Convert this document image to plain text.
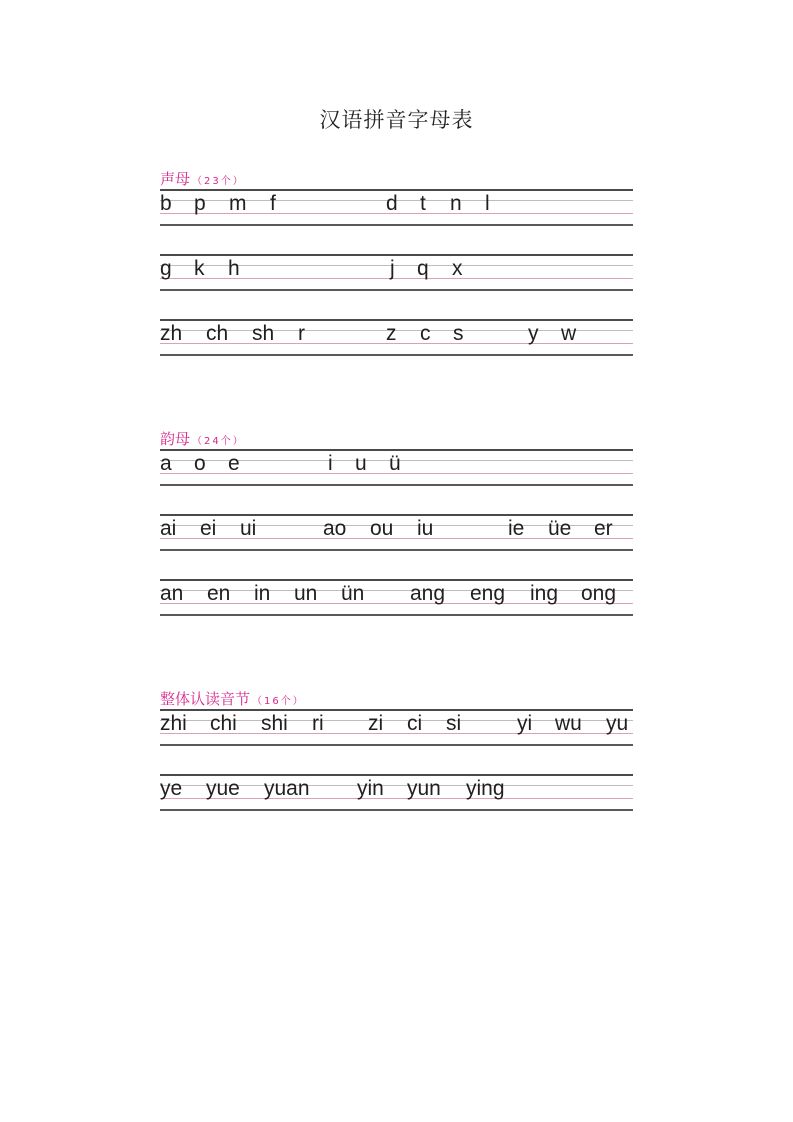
汉语拼音字母表
声母 （23个）
b p m f	d t n l
g k h	j q x
zh ch sh r	z c s	y w
韵母 （24个）
a o e	i u ü
ai ei ui	ao ou iu	ie üe er
an en in un ün ang eng ing ong
整体认读音节 （16个）
zhi chi shi ri zi ci si	yi wu yu
ye yue yuan yin yun ying
